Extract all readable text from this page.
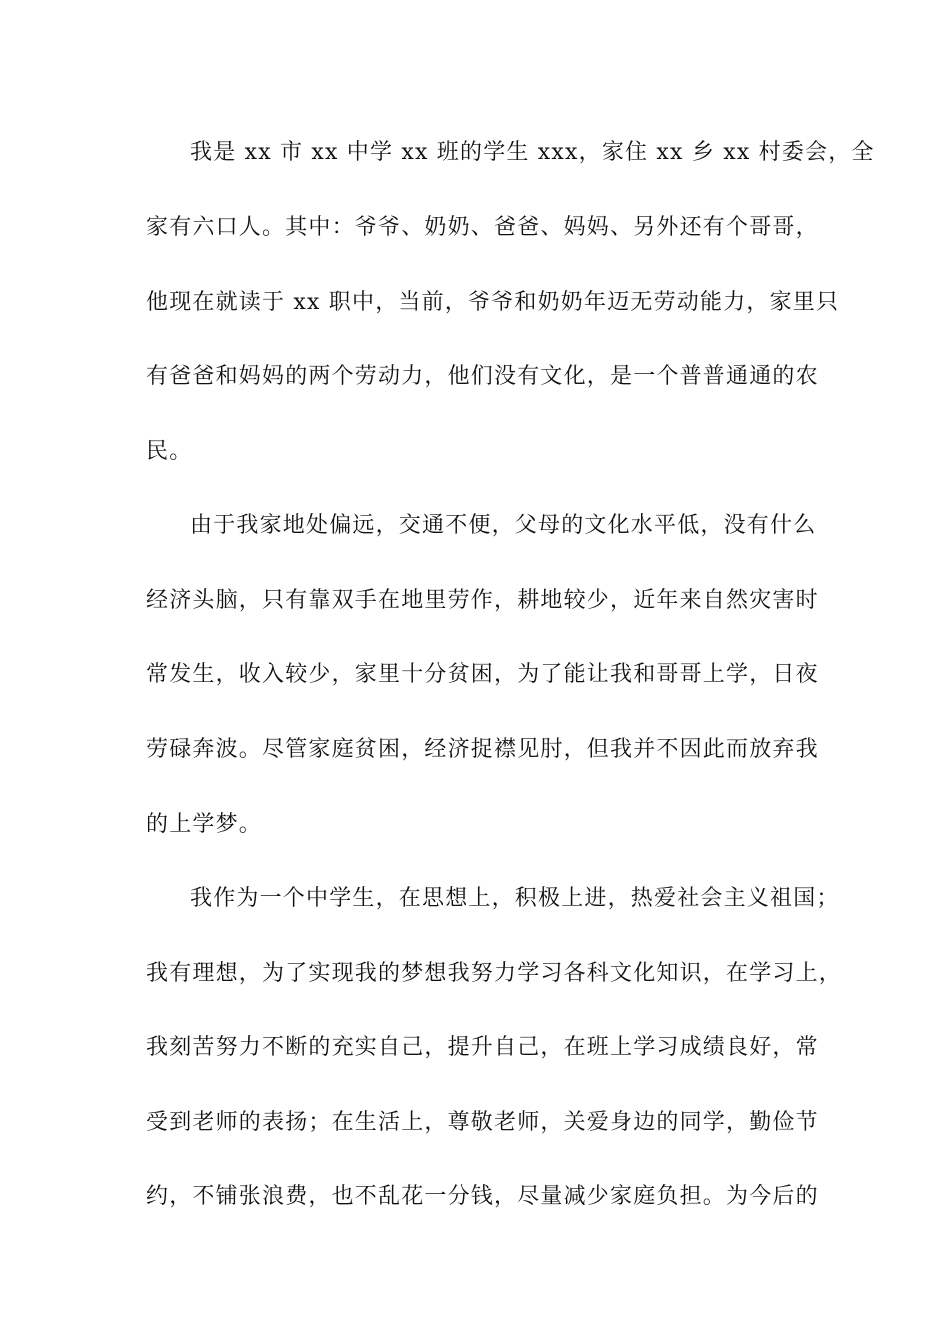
我是 xx 市 xx 中学 xx 班的学生 xxx，家住 xx 乡 xx 村委会，全
家有六口人。其中：爷爷、奶奶、爸爸、妈妈、另外还有个哥哥，
他现在就读于 xx 职中，当前，爷爷和奶奶年迈无劳动能力，家里只
有爸爸和妈妈的两个劳动力，他们没有文化，是一个普普通通的农
民。
由于我家地处偏远，交通不便，父母的文化水平低，没有什么
经济头脑，只有靠双手在地里劳作，耕地较少，近年来自然灾害时
常发生，收入较少，家里十分贫困，为了能让我和哥哥上学，日夜
劳碌奔波。尽管家庭贫困，经济捉襟见肘，但我并不因此而放弃我
的上学梦。
我作为一个中学生，在思想上，积极上进，热爱社会主义祖国；
我有理想，为了实现我的梦想我努力学习各科文化知识，在学习上，
我刻苦努力不断的充实自己，提升自己，在班上学习成绩良好，常
受到老师的表扬；在生活上，尊敬老师，关爱身边的同学，勤俭节
约，不铺张浪费，也不乱花一分钱，尽量减少家庭负担。为今后的
